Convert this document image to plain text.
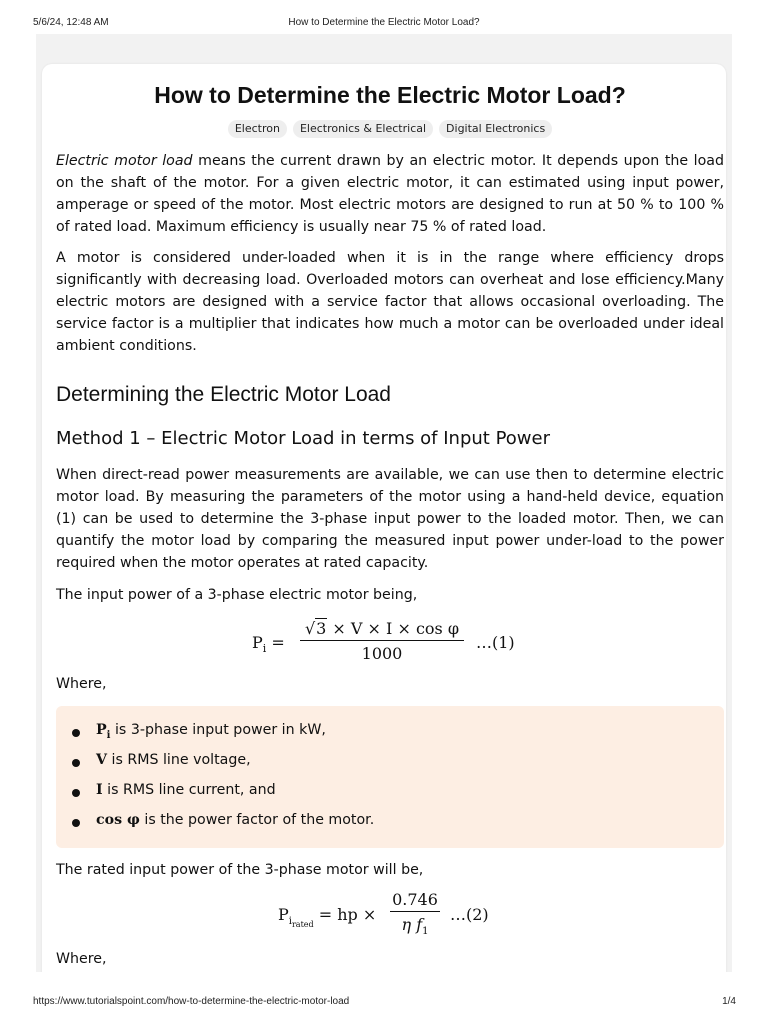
5/6/24, 12:48 AM	How to Determine the Electric Motor Load?
How to Determine the Electric Motor Load?
Electron Electronics & Electrical Digital Electronics

Electric motor load means the current drawn by an electric motor. It depends upon the load on the shaft of the motor. For a given electric motor, it can estimated using input power, amperage or speed of the motor. Most electric motors are designed to run at 50 % to 100 % of rated load. Maximum efficiency is usually near 75 % of rated load.

A motor is considered under-loaded when it is in the range where efficiency drops significantly with decreasing load. Overloaded motors can overheat and lose efficiency.Many electric motors are designed with a service factor that allows occasional overloading. The service factor is a multiplier that indicates how much a motor can be overloaded under ideal ambient conditions.

Determining the Electric Motor Load
Method 1 – Electric Motor Load in terms of Input Power

When direct-read power measurements are available, we can use then to determine electric motor load. By measuring the parameters of the motor using a hand-held device, equation (1) can be used to determine the 3-phase input power to the loaded motor. Then, we can quantify the motor load by comparing the measured input power under-load to the power required when the motor operates at rated capacity.

The input power of a 3-phase electric motor being,

$P_i$ =
√3 × V × I × cos φ
1000
…(1)

Where,

$P_i$ is 3-phase input power in kW,
V is RMS line voltage,
I is RMS line current, and
cos φ is the power factor of the motor.

The rated input power of the 3-phase motor will be,

$P_{i_{rated}}$ = hp ×
0.746
η $f_1$
…(2)

Where,

https://www.tutorialspoint.com/how-to-determine-the-electric-motor-load	1/4
